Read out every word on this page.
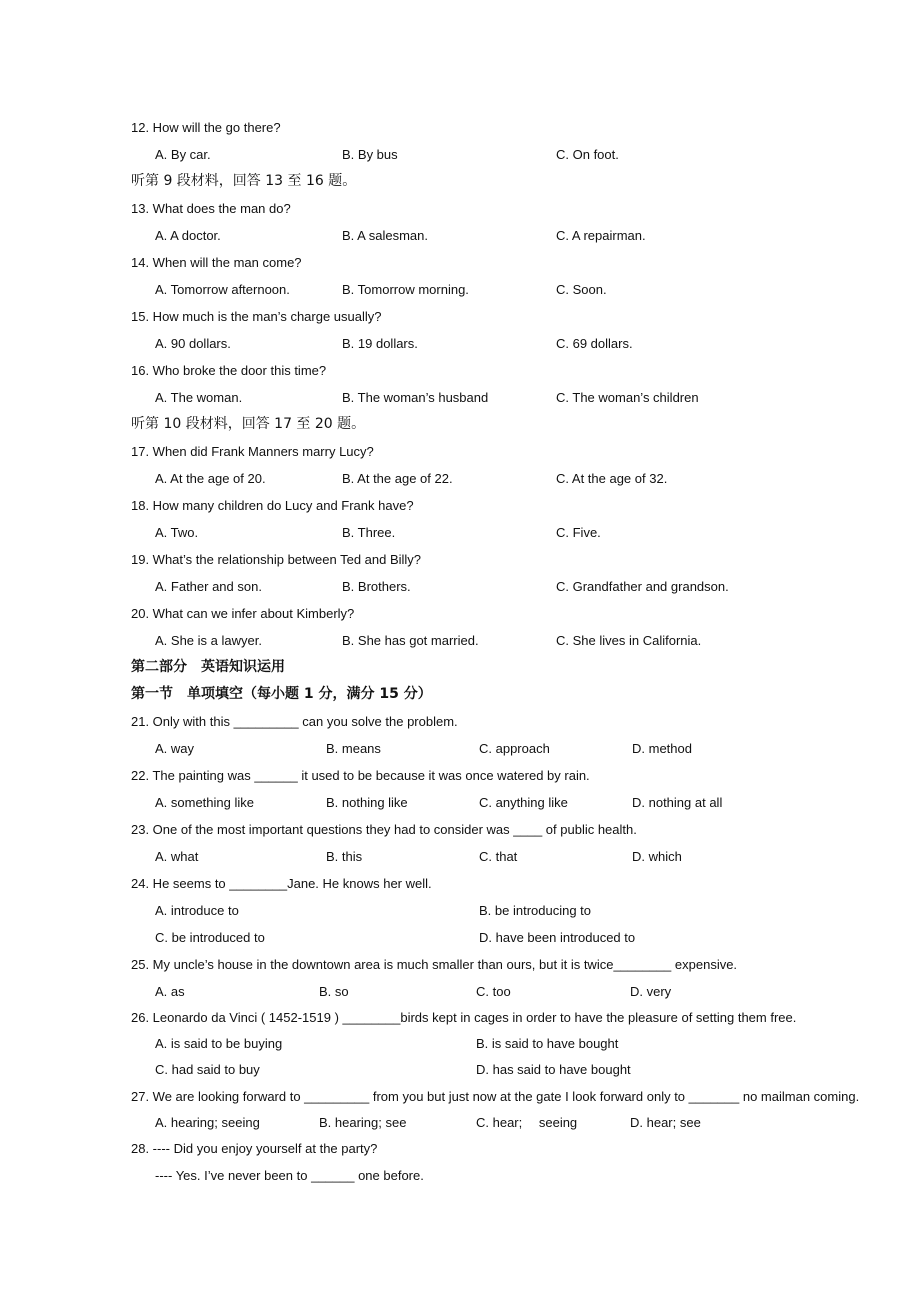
12. How will the go there?
A. By car.	B. By bus	C. On foot.
听第 9 段材料，回答 13 至 16 题。
13. What does the man do?
A. A doctor.	B. A salesman.	C. A repairman.
14. When will the man come?
A. Tomorrow afternoon.	B. Tomorrow morning.	C. Soon.
15. How much is the man’s charge usually?
A. 90 dollars.	B. 19 dollars.	C. 69 dollars.
16. Who broke the door this time?
A. The woman.	B. The woman’s husband	C. The woman’s children
听第 10 段材料，回答 17 至 20 题。
17. When did Frank Manners marry Lucy?
A. At the age of 20.	B. At the age of 22.	C. At the age of 32.
18. How many children do Lucy and Frank have?
A. Two.	B. Three.	C. Five.
19. What’s the relationship between Ted and Billy?
A. Father and son.	B. Brothers.	C. Grandfather and grandson.
20. What can we infer about Kimberly?
A. She is a lawyer.	B. She has got married.	C. She lives in California.
第二部分　英语知识运用
第一节　单项填空（每小题 1 分，满分 15 分）
21. Only with this _________ can you solve the problem.
A. way	B. means	C. approach	D. method
22. The painting was ______ it used to be because it was once watered by rain.
A. something like	B. nothing like	C. anything like	D. nothing at all
23. One of the most important questions they had to consider was ____ of public health.
A. what	B. this	C. that	D. which
24. He seems to ________Jane. He knows her well.
A. introduce to	B. be introducing to
C. be introduced to	D. have been introduced to
25. My uncle’s house in the downtown area is much smaller than ours, but it is twice________ expensive.
A. as	B. so	C. too	D. very
26. Leonardo da Vinci ( 1452-1519 ) ________birds kept in cages in order to have the pleasure of setting them free.
A. is said to be buying	B. is said to have bought
C. had said to buy	D. has said to have bought
27. We are looking forward to _________ from you but just now at the gate I look forward only to _______ no mailman coming.
A. hearing; seeing	B. hearing; see	C. hear;　 seeing	D. hear; see
28. ---- Did you enjoy yourself at the party?
---- Yes. I’ve never been to ______ one before.
